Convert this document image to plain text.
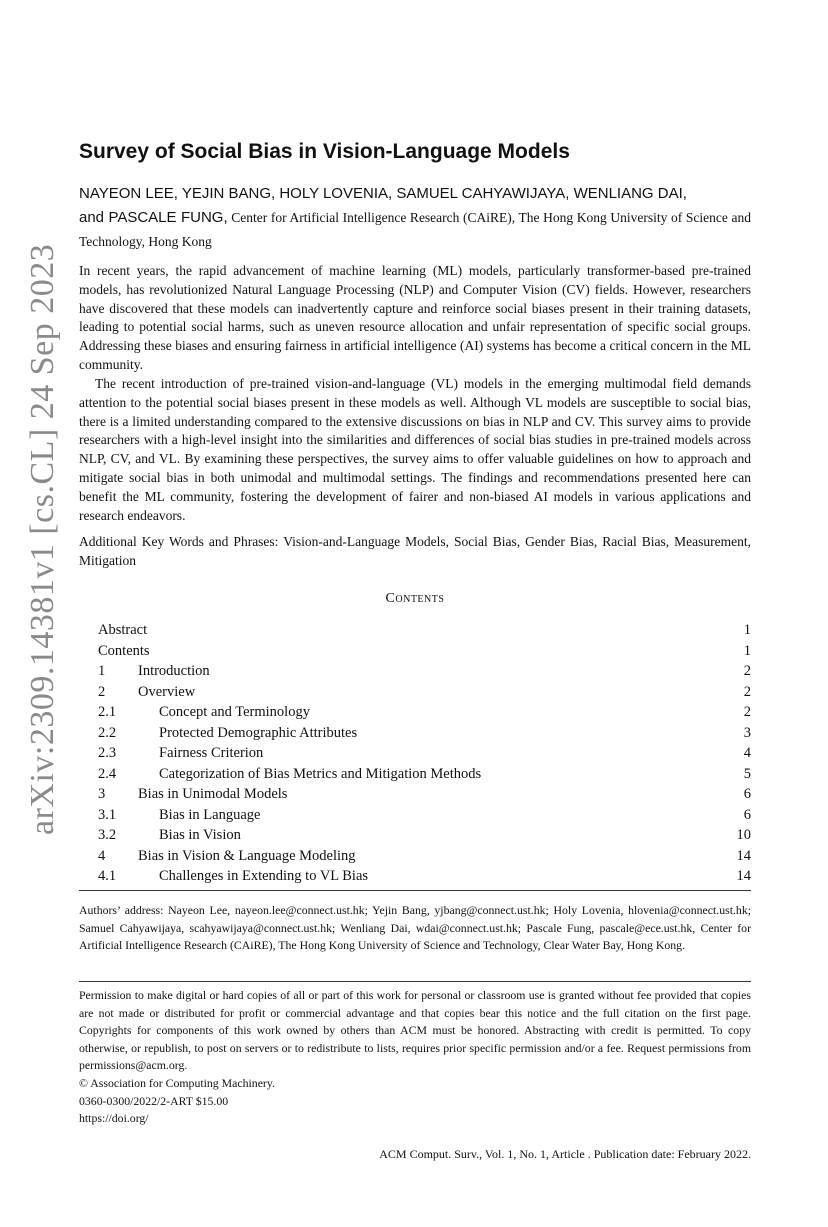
arXiv:2309.14381v1 [cs.CL] 24 Sep 2023
Survey of Social Bias in Vision-Language Models
NAYEON LEE, YEJIN BANG, HOLY LOVENIA, SAMUEL CAHYAWIJAYA, WENLIANG DAI,
and PASCALE FUNG, Center for Artificial Intelligence Research (CAiRE), The Hong Kong University of Science and Technology, Hong Kong

In recent years, the rapid advancement of machine learning (ML) models, particularly transformer-based pre-trained models, has revolutionized Natural Language Processing (NLP) and Computer Vision (CV) fields. However, researchers have discovered that these models can inadvertently capture and reinforce social biases present in their training datasets, leading to potential social harms, such as uneven resource allocation and unfair representation of specific social groups. Addressing these biases and ensuring fairness in artificial intelligence (AI) systems has become a critical concern in the ML community.

The recent introduction of pre-trained vision-and-language (VL) models in the emerging multimodal field demands attention to the potential social biases present in these models as well. Although VL models are susceptible to social bias, there is a limited understanding compared to the extensive discussions on bias in NLP and CV. This survey aims to provide researchers with a high-level insight into the similarities and differences of social bias studies in pre-trained models across NLP, CV, and VL. By examining these perspectives, the survey aims to offer valuable guidelines on how to approach and mitigate social bias in both unimodal and multimodal settings. The findings and recommendations presented here can benefit the ML community, fostering the development of fairer and non-biased AI models in various applications and research endeavors.

Additional Key Words and Phrases: Vision-and-Language Models, Social Bias, Gender Bias, Racial Bias, Measurement, Mitigation

Contents
Abstract	1
Contents	1
1 Introduction	2
2 Overview	2
2.1	Concept and Terminology	2
2.2	Protected Demographic Attributes	3
2.3	Fairness Criterion	4
2.4	Categorization of Bias Metrics and Mitigation Methods	5
3 Bias in Unimodal Models	6
3.1	Bias in Language	6
3.2	Bias in Vision	10
4 Bias in Vision & Language Modeling	14
4.1	Challenges in Extending to VL Bias	14

Authors’ address: Nayeon Lee, nayeon.lee@connect.ust.hk; Yejin Bang, yjbang@connect.ust.hk; Holy Lovenia, hlovenia@connect.ust.hk; Samuel Cahyawijaya, scahyawijaya@connect.ust.hk; Wenliang Dai, wdai@connect.ust.hk; Pascale Fung, pascale@ece.ust.hk, Center for Artificial Intelligence Research (CAiRE), The Hong Kong University of Science and Technology, Clear Water Bay, Hong Kong.

Permission to make digital or hard copies of all or part of this work for personal or classroom use is granted without fee provided that copies are not made or distributed for profit or commercial advantage and that copies bear this notice and the full citation on the first page. Copyrights for components of this work owned by others than ACM must be honored. Abstracting with credit is permitted. To copy otherwise, or republish, to post on servers or to redistribute to lists, requires prior specific permission and/or a fee. Request permissions from permissions@acm.org.

© Association for Computing Machinery.

0360-0300/2022/2-ART $15.00

https://doi.org/

ACM Comput. Surv., Vol. 1, No. 1, Article . Publication date: February 2022.
